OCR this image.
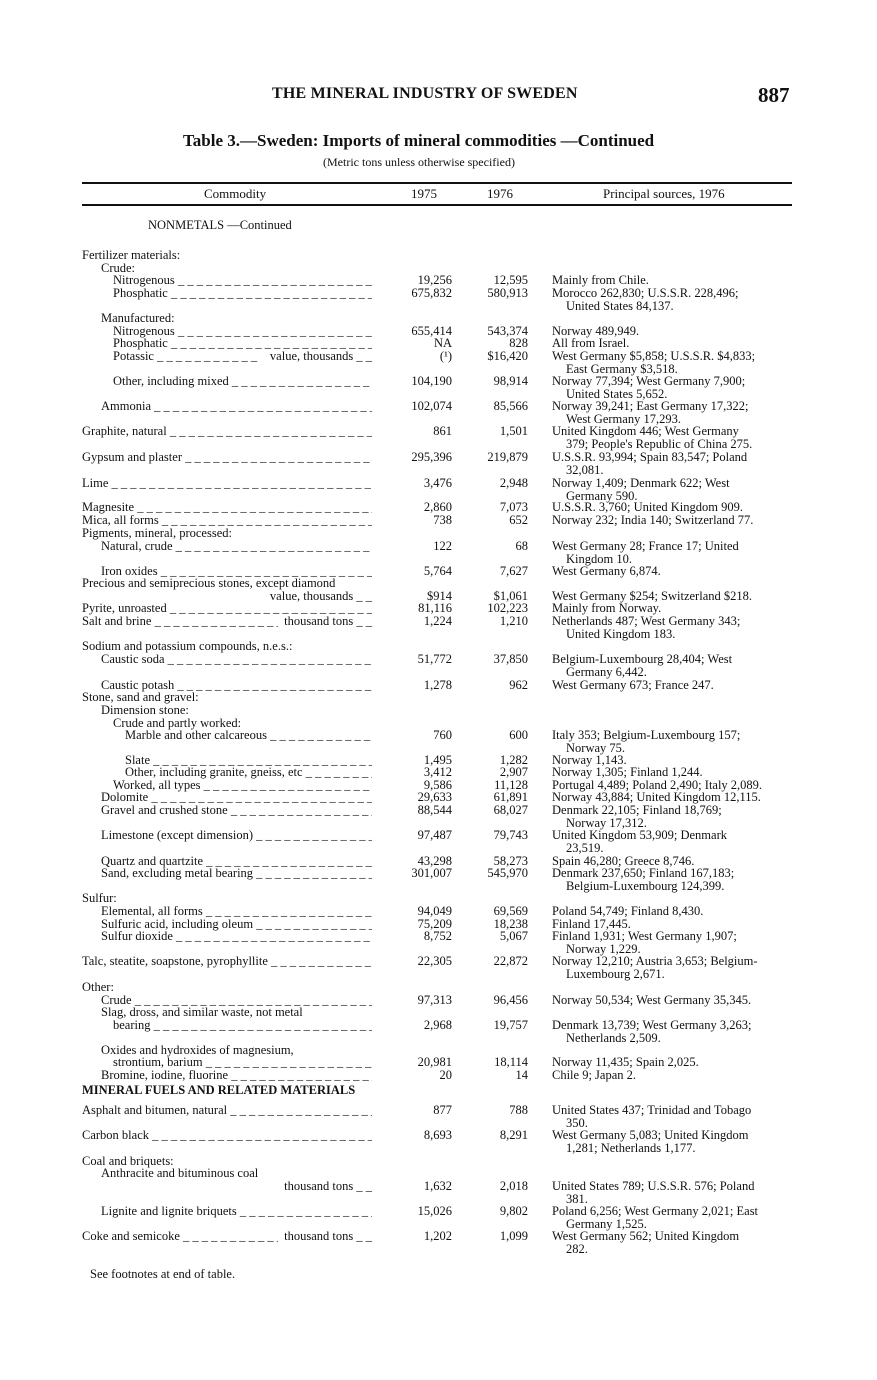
THE MINERAL INDUSTRY OF SWEDEN	887
Table 3.—Sweden: Imports of mineral commodities —Continued
(Metric tons unless otherwise specified)
Commodity	1975	1976	Principal sources, 1976
NONMETALS —Continued
Fertilizer materials:
Crude:
Nitrogenous _ _ _	19,256	12,595 Mainly from Chile.
Phosphatic _ _ _	675,832	580,913 Morocco 262,830; U.S.S.R. 228,496;
United States 84,137.
Manufactured:
Nitrogenous _ _ _	655,414	543,374 Norway 489,949.
Phosphatic _ _ _	NA	828 All from Israel.
Potassic _ _ _	value, thousands _ _	(¹)	$16,420 West Germany $5,858; U.S.S.R. $4,833;
East Germany $3,518.
Other, including mixed _ _ _	104,190	98,914 Norway 77,394; West Germany 7,900;
United States 5,652.
Ammonia _ _ _	102,074	85,566 Norway 39,241; East Germany 17,322;
West Germany 17,293.
Graphite, natural _ _ _	861	1,501 United Kingdom 446; West Germany
379; People's Republic of China 275.
Gypsum and plaster _ _ _	295,396	219,879 U.S.S.R. 93,994; Spain 83,547; Poland
32,081.
Lime _ _ _	3,476	2,948 Norway 1,409; Denmark 622; West
Germany 590.
Magnesite _ _ _	2,860	7,073 U.S.S.R. 3,760; United Kingdom 909.
Mica, all forms _ _ _	738	652 Norway 232; India 140; Switzerland 77.
Pigments, mineral, processed:
Natural, crude _ _ _	122	68 West Germany 28; France 17; United
Kingdom 10.
Iron oxides _ _ _	5,764	7,627 West Germany 6,874.
Precious and semiprecious stones, except diamond
value, thousands _ _	$914	$1,061 West Germany $254; Switzerland $218.
Pyrite, unroasted _ _ _	81,116	102,223 Mainly from Norway.
Salt and brine _ _ _	thousand tons _ _	1,224	1,210 Netherlands 487; West Germany 343;
United Kingdom 183.
Sodium and potassium compounds, n.e.s.:
Caustic soda _ _ _	51,772	37,850 Belgium-Luxembourg 28,404; West
Germany 6,442.
Caustic potash _ _ _	1,278	962 West Germany 673; France 247.
Stone, sand and gravel:
Dimension stone:
Crude and partly worked:
Marble and other calcareous _ _ _	760	600 Italy 353; Belgium-Luxembourg 157;
Norway 75.
Slate _ _ _	1,495	1,282 Norway 1,143.
Other, including granite, gneiss, etc _ _ _	3,412	2,907 Norway 1,305; Finland 1,244.
Worked, all types _ _ _	9,586	11,128 Portugal 4,489; Poland 2,490; Italy 2,089.
Dolomite _ _ _	29,633	61,891 Norway 43,884; United Kingdom 12,115.
Gravel and crushed stone _ _ _	88,544	68,027 Denmark 22,105; Finland 18,769;
Norway 17,312.
Limestone (except dimension) _ _ _	97,487	79,743 United Kingdom 53,909; Denmark
23,519.
Quartz and quartzite _ _ _	43,298	58,273 Spain 46,280; Greece 8,746.
Sand, excluding metal bearing _ _ _	301,007	545,970 Denmark 237,650; Finland 167,183;
Belgium-Luxembourg 124,399.
Sulfur:
Elemental, all forms _ _ _	94,049	69,569 Poland 54,749; Finland 8,430.
Sulfuric acid, including oleum _ _ _	75,209	18,238 Finland 17,445.
Sulfur dioxide _ _ _	8,752	5,067 Finland 1,931; West Germany 1,907;
Norway 1,229.
Talc, steatite, soapstone, pyrophyllite _ _ _	22,305	22,872 Norway 12,210; Austria 3,653; Belgium-
Luxembourg 2,671.
Other:
Crude _ _ _	97,313	96,456 Norway 50,534; West Germany 35,345.
Slag, dross, and similar waste, not metal
bearing _ _ _	2,968	19,757 Denmark 13,739; West Germany 3,263;
Netherlands 2,509.
Oxides and hydroxides of magnesium,
strontium, barium _ _ _	20,981	18,114 Norway 11,435; Spain 2,025.
Bromine, iodine, fluorine _ _ _	20	14 Chile 9; Japan 2.
MINERAL FUELS AND RELATED MATERIALS
Asphalt and bitumen, natural _ _ _	877	788 United States 437; Trinidad and Tobago
350.
Carbon black _ _ _	8,693	8,291 West Germany 5,083; United Kingdom
1,281; Netherlands 1,177.
Coal and briquets:
Anthracite and bituminous coal
thousand tons _ _	1,632	2,018 United States 789; U.S.S.R. 576; Poland
381.
Lignite and lignite briquets _ _ _	15,026	9,802 Poland 6,256; West Germany 2,021; East
Germany 1,525.
Coke and semicoke _ _ _	thousand tons _ _	1,202	1,099 West Germany 562; United Kingdom
282.
See footnotes at end of table.
